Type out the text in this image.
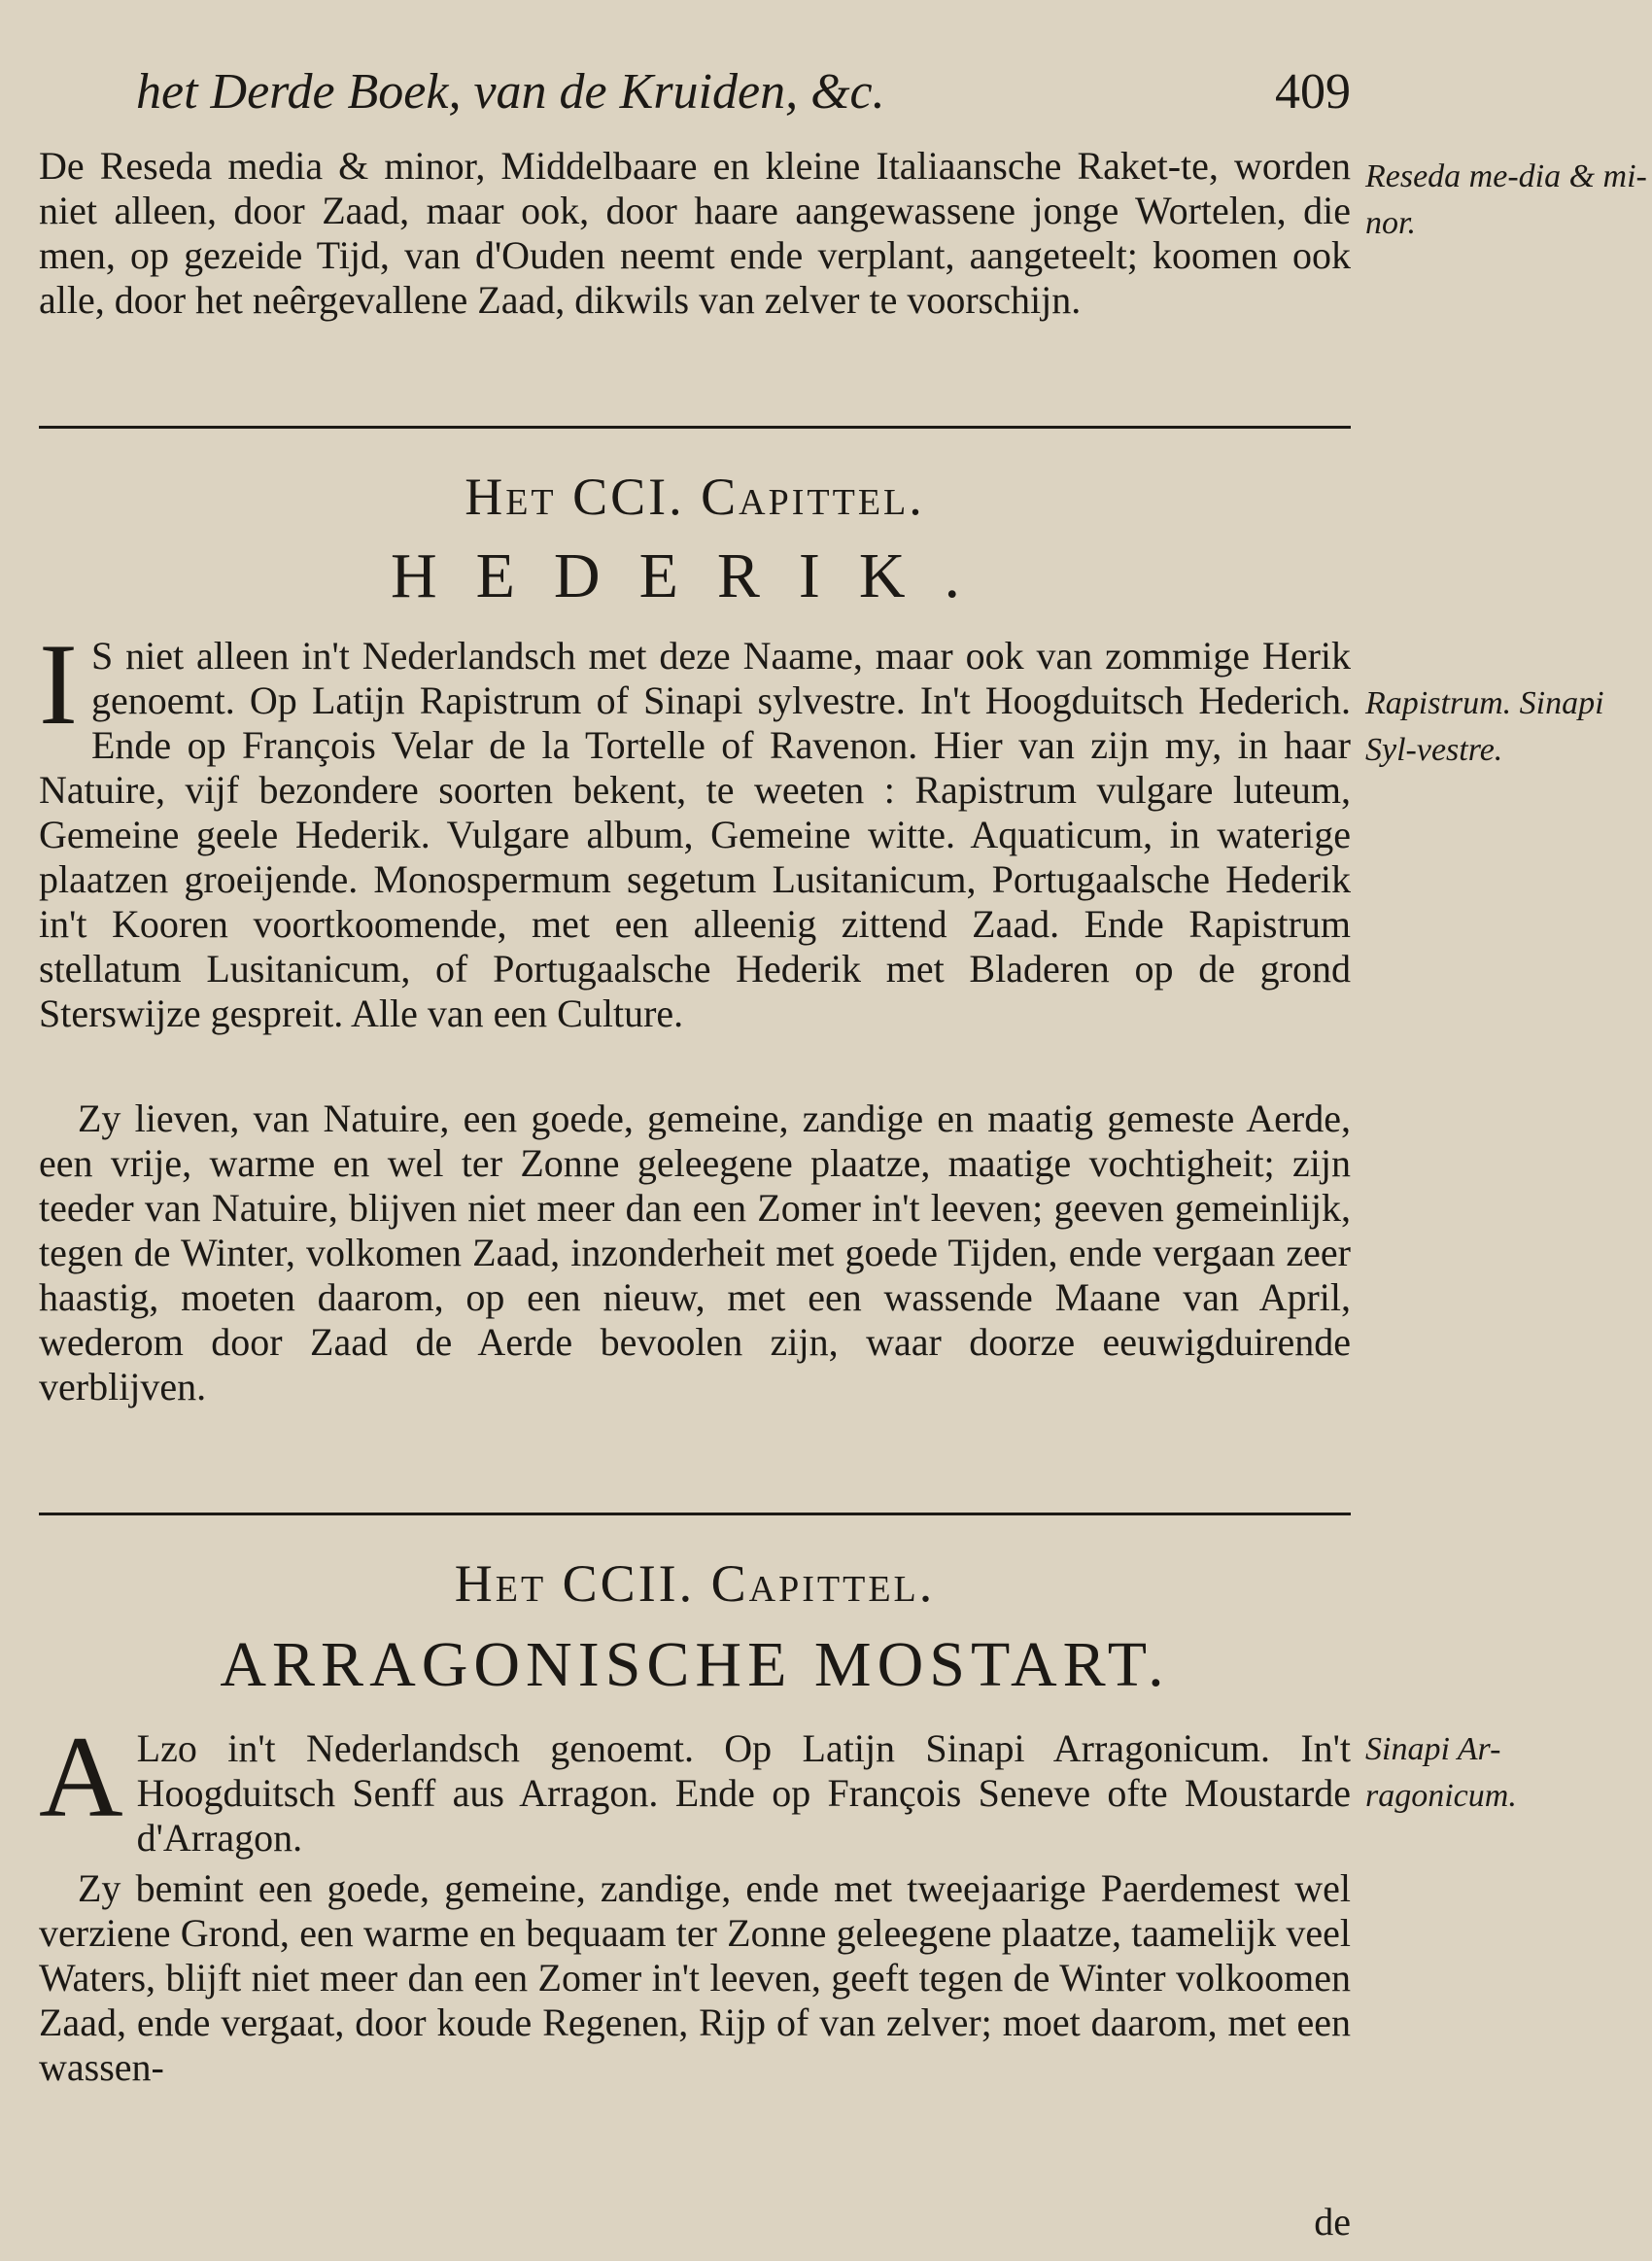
het Derde Boek, van de Kruiden, &c.	409
De Reseda media & minor, Middelbaare en kleine Italiaansche Raket-te, worden niet alleen, door Zaad, maar ook, door haare aangewassene jonge Wortelen, die men, op gezeide Tijd, van d'Ouden neemt ende verplant, aangeteelt; koomen ook alle, door het neêrgevallene Zaad, dikwils van zelver te voorschijn.
Reseda me-dia & mi-nor.
Het CCI. Capittel.
HEDERIK.
I S niet alleen in't Nederlandsch met deze Naame, maar ook van zommige Herik genoemt. Op Latijn Rapistrum of Sinapi sylvestre. In't Hoogduitsch Hederich. Ende op François Velar de la Tortelle of Ravenon. Hier van zijn my, in haar Natuire, vijf bezondere soorten bekent, te weeten : Rapistrum vulgare luteum, Gemeine geele Hederik. Vulgare album, Gemeine witte. Aquaticum, in waterige plaatzen groeijende. Monospermum segetum Lusitanicum, Portugaalsche Hederik in't Kooren voortkoomende, met een alleenig zittend Zaad. Ende Rapistrum stellatum Lusitanicum, of Portugaalsche Hederik met Bladeren op de grond Sterswijze gespreit. Alle van een Culture.
Rapistrum. Sinapi Syl-vestre.
Zy lieven, van Natuire, een goede, gemeine, zandige en maatig gemeste Aerde, een vrije, warme en wel ter Zonne geleegene plaatze, maatige vochtigheit; zijn teeder van Natuire, blijven niet meer dan een Zomer in't leeven; geeven gemeinlijk, tegen de Winter, volkomen Zaad, inzonderheit met goede Tijden, ende vergaan zeer haastig, moeten daarom, op een nieuw, met een wassende Maane van April, wederom door Zaad de Aerde bevoolen zijn, waar doorze eeuwigduirende verblijven.
Het CCII. Capittel.
ARRAGONISCHE MOSTART.
A Lzo in't Nederlandsch genoemt. Op Latijn Sinapi Arragonicum. In't Hoogduitsch Senff aus Arragon. Ende op François Seneve ofte Moustarde d'Arragon.
Sinapi Ar-ragonicum.
Zy bemint een goede, gemeine, zandige, ende met tweejaarige Paerdemest wel verziene Grond, een warme en bequaam ter Zonne geleegene plaatze, taamelijk veel Waters, blijft niet meer dan een Zomer in't leeven, geeft tegen de Winter volkoomen Zaad, ende vergaat, door koude Regenen, Rijp of van zelver; moet daarom, met een wassen-
de
